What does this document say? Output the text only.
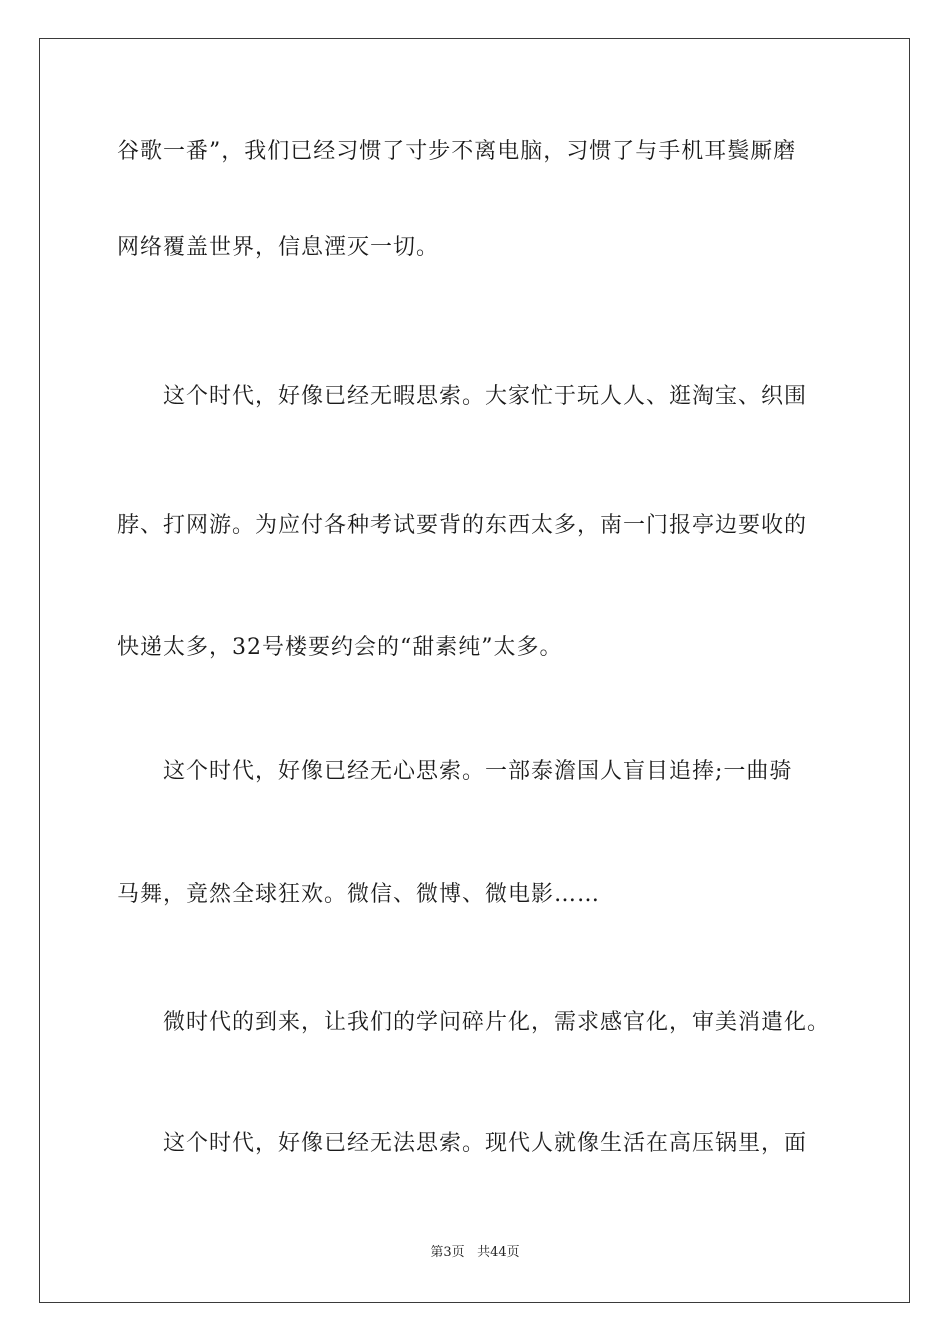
谷歌一番”，我们已经习惯了寸步不离电脑，习惯了与手机耳鬓厮磨
网络覆盖世界，信息湮灭一切。
这个时代，好像已经无暇思索。大家忙于玩人人、逛淘宝、织围
脖、打网游。为应付各种考试要背的东西太多，南一门报亭边要收的
快递太多，32号楼要约会的“甜素纯”太多。
这个时代，好像已经无心思索。一部泰澹国人盲目追捧;一曲骑
马舞，竟然全球狂欢。微信、微博、微电影……
微时代的到来，让我们的学问碎片化，需求感官化，审美消遣化。
这个时代，好像已经无法思索。现代人就像生活在高压锅里，面
第3页 共44页
